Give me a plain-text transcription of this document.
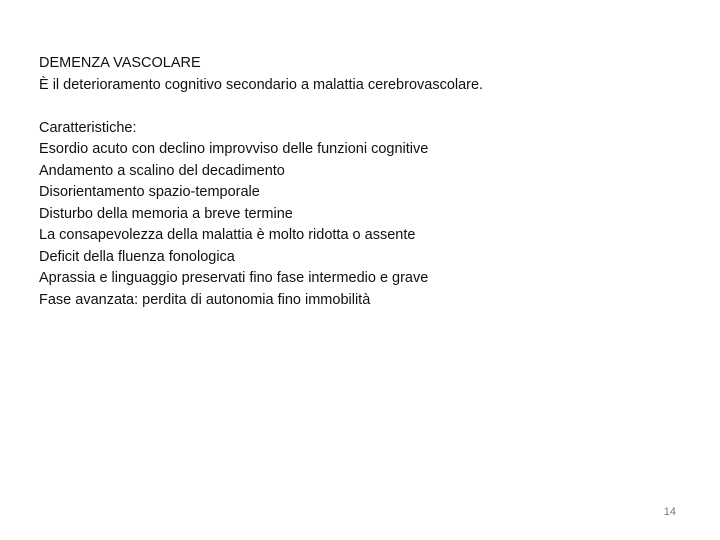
DEMENZA VASCOLARE
È il deterioramento cognitivo secondario a malattia cerebrovascolare.
Caratteristiche:
Esordio acuto con declino improvviso delle funzioni cognitive
Andamento a scalino del decadimento
Disorientamento spazio-temporale
Disturbo della memoria a breve termine
La consapevolezza della malattia è molto ridotta o assente
Deficit della fluenza fonologica
Aprassia e linguaggio preservati fino fase intermedio e grave
Fase avanzata: perdita di autonomia fino immobilità
14
